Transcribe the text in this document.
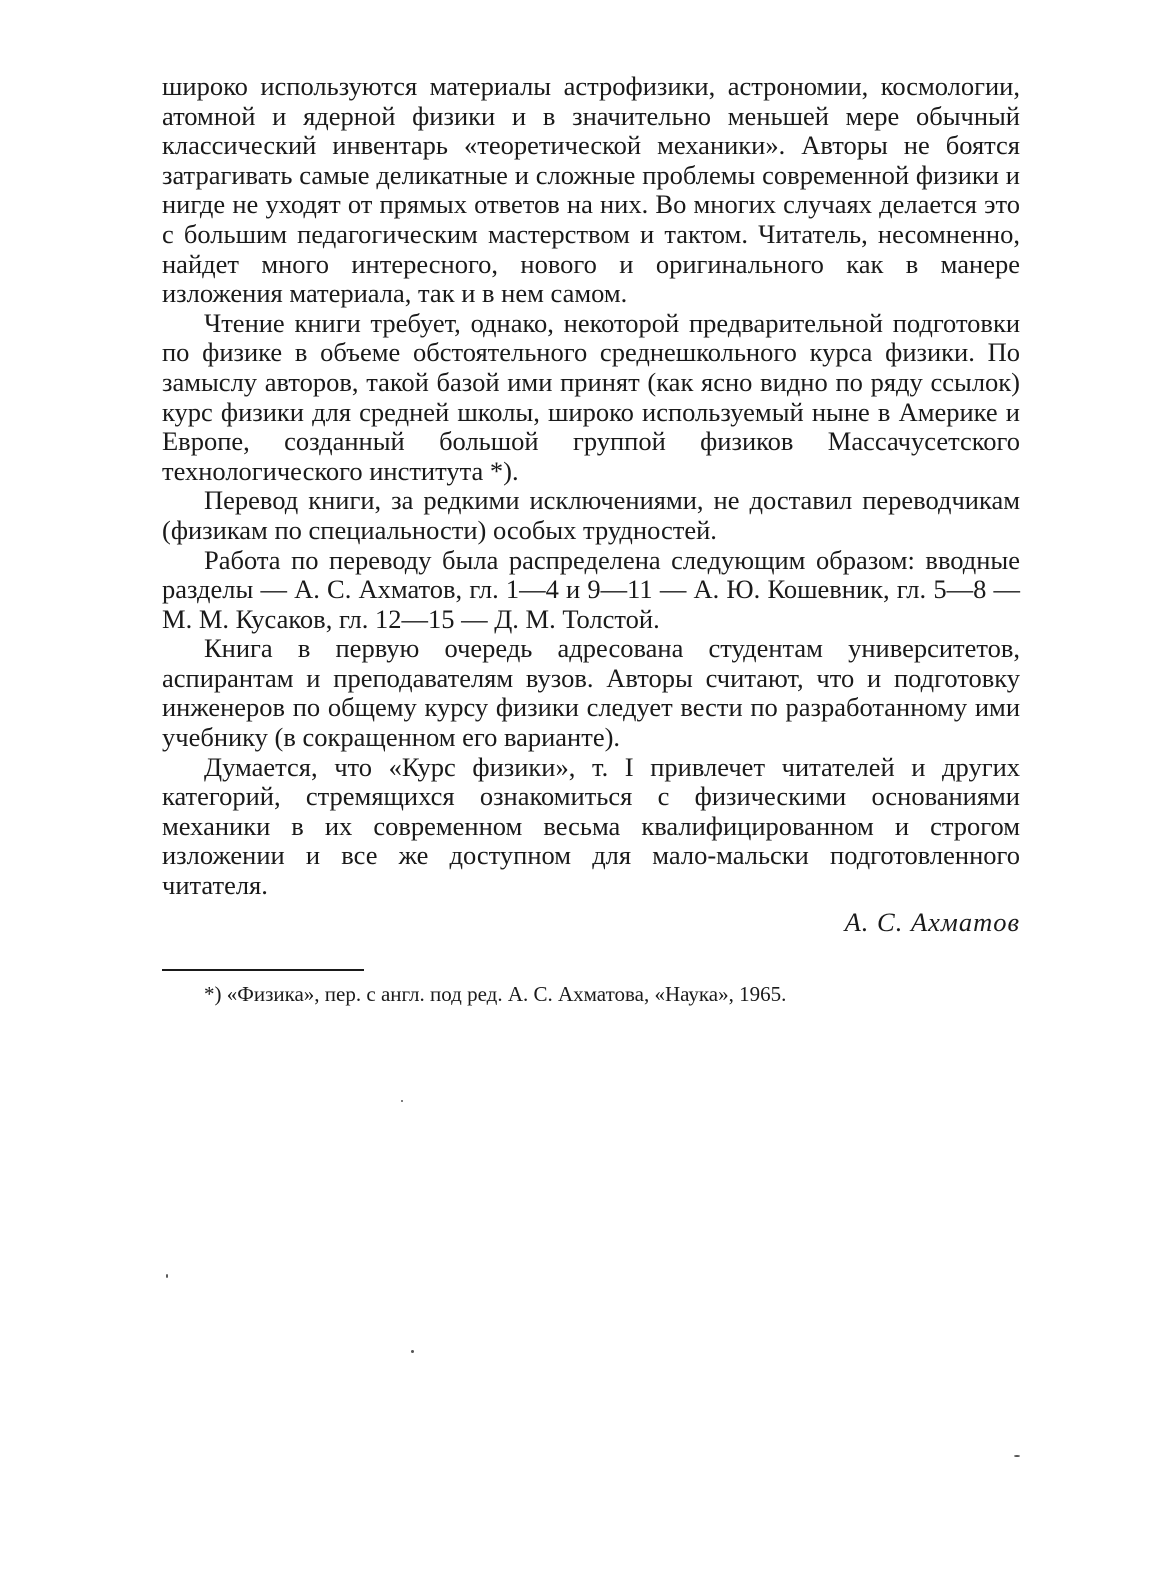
широко используются материалы астрофизики, астрономии, космологии, атомной и ядерной физики и в значительно меньшей мере обычный классический инвентарь «теоретической механики». Авторы не боятся затрагивать самые деликатные и сложные проблемы современной физики и нигде не уходят от прямых ответов на них. Во многих случаях делается это с большим педагогическим мастерством и тактом. Читатель, несомненно, найдет много интересного, нового и оригинального как в манере изложения материала, так и в нем самом.

Чтение книги требует, однако, некоторой предварительной подготовки по физике в объеме обстоятельного среднешкольного курса физики. По замыслу авторов, такой базой ими принят (как ясно видно по ряду ссылок) курс физики для средней школы, широко используемый ныне в Америке и Европе, созданный большой группой физиков Массачусетского технологического института *).

Перевод книги, за редкими исключениями, не доставил переводчикам (физикам по специальности) особых трудностей.

Работа по переводу была распределена следующим образом: вводные разделы — А. С. Ахматов, гл. 1—4 и 9—11 — А. Ю. Кошевник, гл. 5—8 — М. М. Кусаков, гл. 12—15 — Д. М. Толстой.

Книга в первую очередь адресована студентам университетов, аспирантам и преподавателям вузов. Авторы считают, что и подготовку инженеров по общему курсу физики следует вести по разработанному ими учебнику (в сокращенном его варианте).

Думается, что «Курс физики», т. I привлечет читателей и других категорий, стремящихся ознакомиться с физическими основаниями механики в их современном весьма квалифицированном и строгом изложении и все же доступном для мало-мальски подготовленного читателя.

А. С. Ахматов

*) «Физика», пер. с англ. под ред. А. С. Ахматова, «Наука», 1965.
